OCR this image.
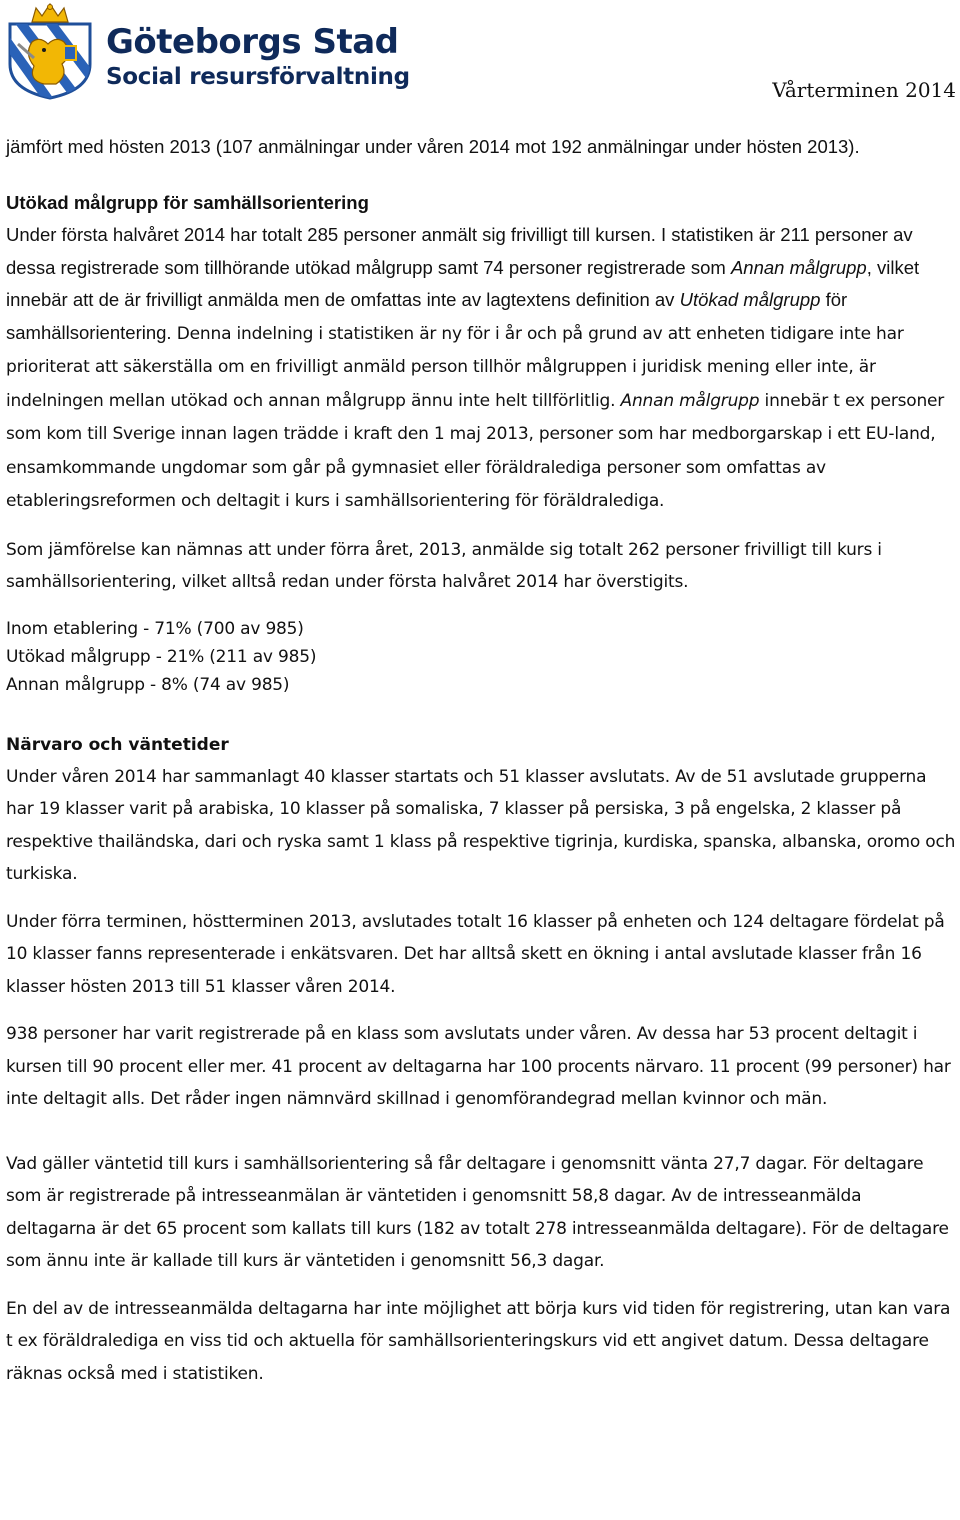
Göteborgs Stad
Social resursförvaltning	Vårterminen 2014

jämfört med hösten 2013 (107 anmälningar under våren 2014 mot 192 anmälningar under hösten 2013).

Utökad målgrupp för samhällsorientering

Under första halvåret 2014 har totalt 285 personer anmält sig frivilligt till kursen. I statistiken är 211 personer av dessa registrerade som tillhörande utökad målgrupp samt 74 personer registrerade som Annan målgrupp, vilket innebär att de är frivilligt anmälda men de omfattas inte av lagtextens definition av Utökad målgrupp för samhällsorientering. Denna indelning i statistiken är ny för i år och på grund av att enheten tidigare inte har prioriterat att säkerställa om en frivilligt anmäld person tillhör målgruppen i juridisk mening eller inte, är indelningen mellan utökad och annan målgrupp ännu inte helt tillförlitlig. Annan målgrupp innebär t ex personer som kom till Sverige innan lagen trädde i kraft den 1 maj 2013, personer som har medborgarskap i ett EU-land, ensamkommande ungdomar som går på gymnasiet eller föräldralediga personer som omfattas av etableringsreformen och deltagit i kurs i samhällsorientering för föräldralediga.

Som jämförelse kan nämnas att under förra året, 2013, anmälde sig totalt 262 personer frivilligt till kurs i samhällsorientering, vilket alltså redan under första halvåret 2014 har överstigits.

Inom etablering - 71% (700 av 985)

Utökad målgrupp - 21% (211 av 985)

Annan målgrupp - 8% (74 av 985)

Närvaro och väntetider

Under våren 2014 har sammanlagt 40 klasser startats och 51 klasser avslutats. Av de 51 avslutade grupperna har 19 klasser varit på arabiska, 10 klasser på somaliska, 7 klasser på persiska, 3 på engelska, 2 klasser på respektive thailändska, dari och ryska samt 1 klass på respektive tigrinja, kurdiska, spanska, albanska, oromo och turkiska.

Under förra terminen, höstterminen 2013, avslutades totalt 16 klasser på enheten och 124 deltagare fördelat på 10 klasser fanns representerade i enkätsvaren. Det har alltså skett en ökning i antal avslutade klasser från 16 klasser hösten 2013 till 51 klasser våren 2014.

938 personer har varit registrerade på en klass som avslutats under våren. Av dessa har 53 procent deltagit i kursen till 90 procent eller mer. 41 procent av deltagarna har 100 procents närvaro. 11 procent (99 personer) har inte deltagit alls. Det råder ingen nämnvärd skillnad i genomförandegrad mellan kvinnor och män.

Vad gäller väntetid till kurs i samhällsorientering så får deltagare i genomsnitt vänta 27,7 dagar. För deltagare som är registrerade på intresseanmälan är väntetiden i genomsnitt 58,8 dagar. Av de intresseanmälda deltagarna är det 65 procent som kallats till kurs (182 av totalt 278 intresseanmälda deltagare). För de deltagare som ännu inte är kallade till kurs är väntetiden i genomsnitt 56,3 dagar.

En del av de intresseanmälda deltagarna har inte möjlighet att börja kurs vid tiden för registrering, utan kan vara t ex föräldralediga en viss tid och aktuella för samhällsorienteringskurs vid ett angivet datum. Dessa deltagare räknas också med i statistiken.
